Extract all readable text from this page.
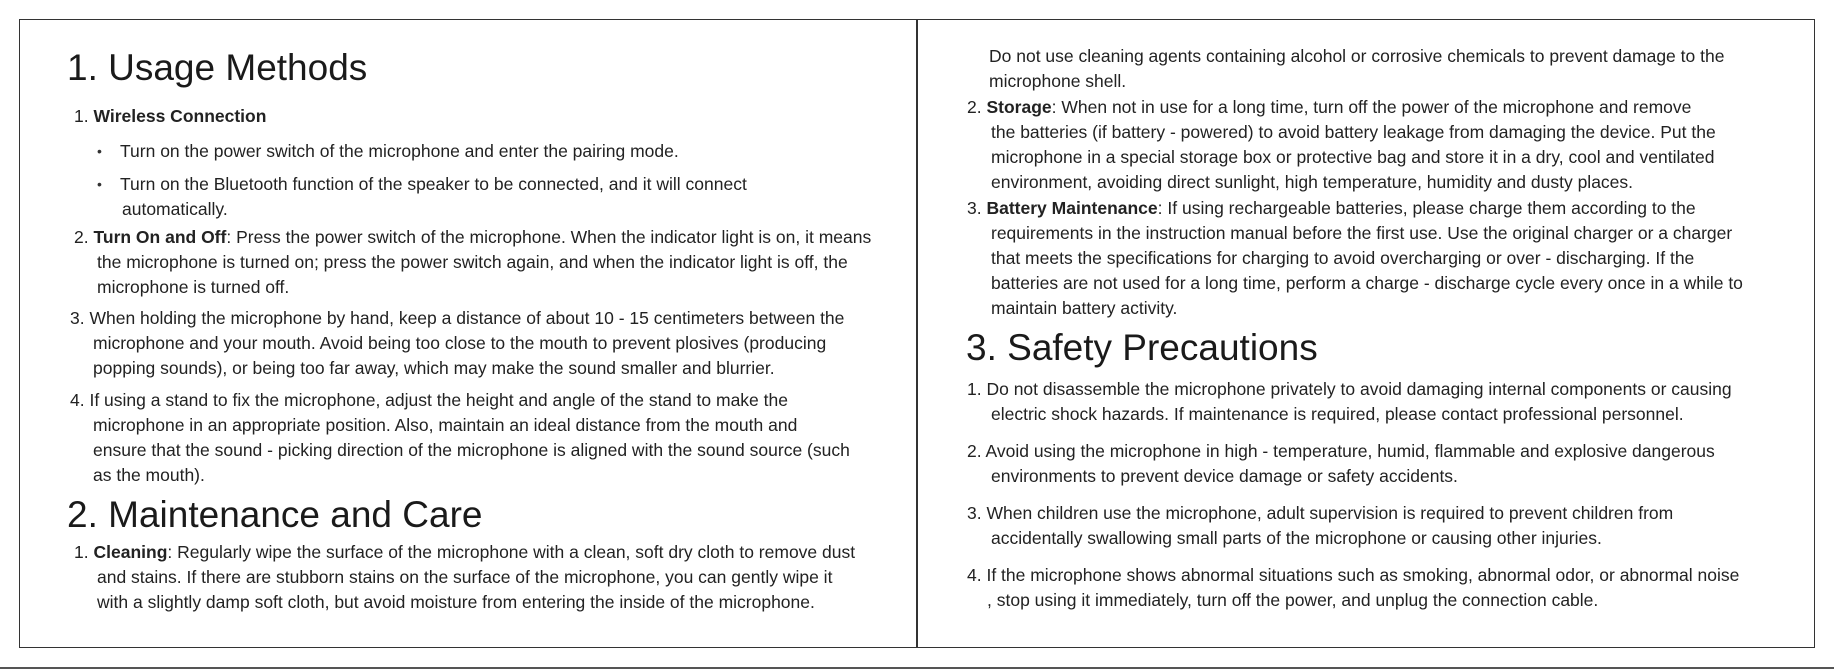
1. Usage Methods

1. Wireless Connection

• Turn on the power switch of the microphone and enter the pairing mode.

• Turn on the Bluetooth function of the speaker to be connected, and it will connect

automatically.

2. Turn On and Off: Press the power switch of the microphone. When the indicator light is on, it means

the microphone is turned on; press the power switch again, and when the indicator light is off, the

microphone is turned off.

3. When holding the microphone by hand, keep a distance of about 10 - 15 centimeters between the

microphone and your mouth. Avoid being too close to the mouth to prevent plosives (producing

popping sounds), or being too far away, which may make the sound smaller and blurrier.

4. If using a stand to fix the microphone, adjust the height and angle of the stand to make the

microphone in an appropriate position. Also, maintain an ideal distance from the mouth and

ensure that the sound - picking direction of the microphone is aligned with the sound source (such

as the mouth).

2. Maintenance and Care

1. Cleaning: Regularly wipe the surface of the microphone with a clean, soft dry cloth to remove dust

and stains. If there are stubborn stains on the surface of the microphone, you can gently wipe it

with a slightly damp soft cloth, but avoid moisture from entering the inside of the microphone.

Do not use cleaning agents containing alcohol or corrosive chemicals to prevent damage to the

microphone shell.

2. Storage: When not in use for a long time, turn off the power of the microphone and remove

the batteries (if battery - powered) to avoid battery leakage from damaging the device. Put the

microphone in a special storage box or protective bag and store it in a dry, cool and ventilated

environment, avoiding direct sunlight, high temperature, humidity and dusty places.

3. Battery Maintenance: If using rechargeable batteries, please charge them according to the

requirements in the instruction manual before the first use. Use the original charger or a charger

that meets the specifications for charging to avoid overcharging or over - discharging. If the

batteries are not used for a long time, perform a charge - discharge cycle every once in a while to

maintain battery activity.

3. Safety Precautions

1. Do not disassemble the microphone privately to avoid damaging internal components or causing

electric shock hazards. If maintenance is required, please contact professional personnel.

2. Avoid using the microphone in high - temperature, humid, flammable and explosive dangerous

environments to prevent device damage or safety accidents.

3. When children use the microphone, adult supervision is required to prevent children from

accidentally swallowing small parts of the microphone or causing other injuries.

4. If the microphone shows abnormal situations such as smoking, abnormal odor, or abnormal noise

, stop using it immediately, turn off the power, and unplug the connection cable.
